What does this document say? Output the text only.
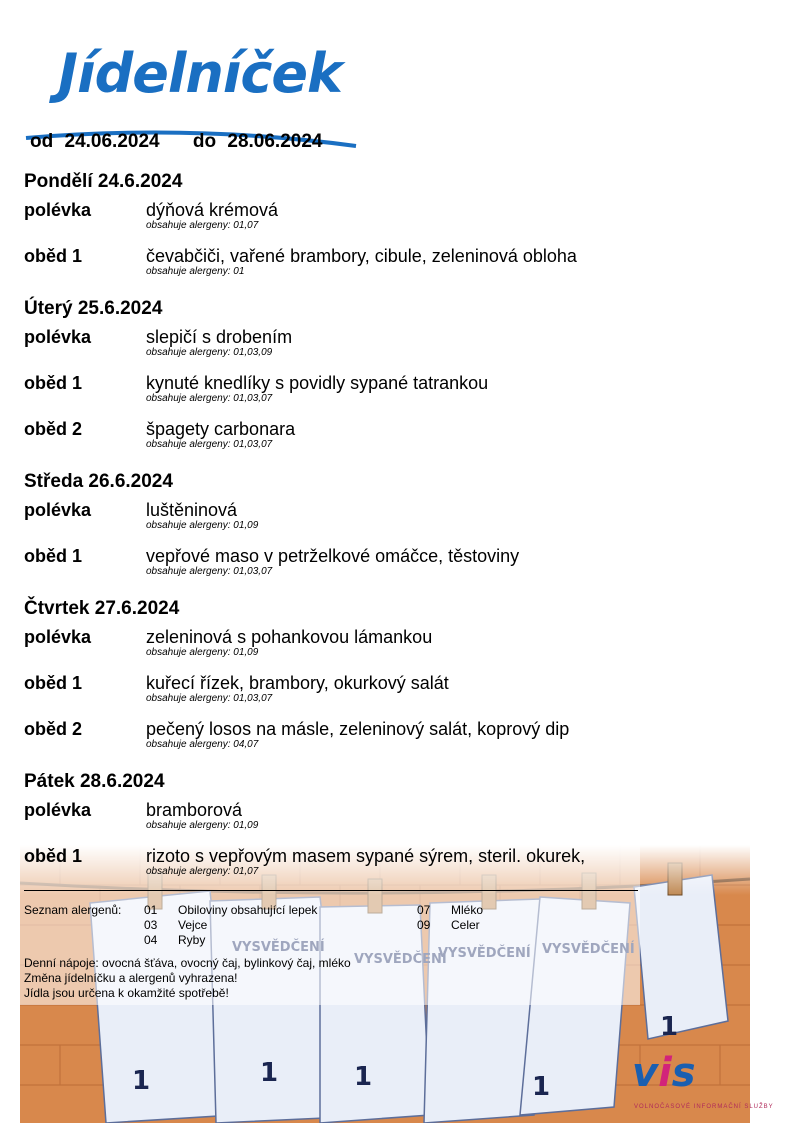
Jídelníček
od 24.06.2024 do 28.06.2024
Pondělí 24.6.2024
polévka	dýňová krémová
obsahuje alergeny: 01,07
oběd 1	čevabčiči, vařené brambory, cibule, zeleninová obloha
obsahuje alergeny: 01
Úterý 25.6.2024
polévka	slepičí s drobením
obsahuje alergeny: 01,03,09
oběd 1	kynuté knedlíky s povidly sypané tatrankou
obsahuje alergeny: 01,03,07
oběd 2	špagety carbonara
obsahuje alergeny: 01,03,07
Středa 26.6.2024
polévka	luštěninová
obsahuje alergeny: 01,09
oběd 1	vepřové maso v petrželkové omáčce, těstoviny
obsahuje alergeny: 01,03,07
Čtvrtek 27.6.2024
polévka	zeleninová s pohankovou lámankou
obsahuje alergeny: 01,09
oběd 1	kuřecí řízek, brambory, okurkový salát
obsahuje alergeny: 01,03,07
oběd 2	pečený losos na másle, zeleninový salát, koprový dip
obsahuje alergeny: 04,07
Pátek 28.6.2024
polévka	bramborová
obsahuje alergeny: 01,09
oběd 1	rizoto s vepřovým masem sypané sýrem, steril. okurek,
obsahuje alergeny: 01,07
Seznam alergenů: 01 Obiloviny obsahující lepek	07 Mléko
03 Vejce	09 Celer
04 Ryby
Denní nápoje: ovocná šťáva, ovocný čaj, bylinkový čaj, mléko
Změna jídelníčku a alergenů vyhrazena!
Jídla jsou určena k okamžité spotřebě!
vis
VOLNOČASOVÉ INFORMAČNÍ SLUŽBY
